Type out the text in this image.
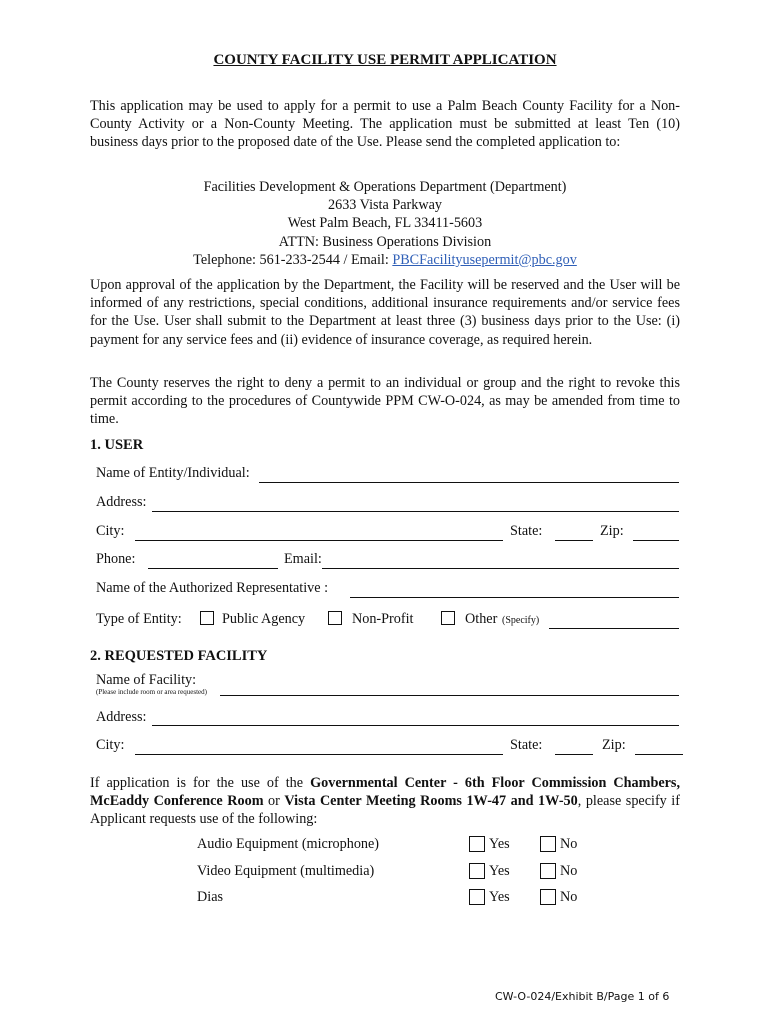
COUNTY FACILITY USE PERMIT APPLICATION
This application may be used to apply for a permit to use a Palm Beach County Facility for a Non-County Activity or a Non-County Meeting. The application must be submitted at least Ten (10) business days prior to the proposed date of the Use. Please send the completed application to:
Facilities Development & Operations Department (Department)
2633 Vista Parkway
West Palm Beach, FL 33411-5603
ATTN: Business Operations Division
Telephone: 561-233-2544 / Email: PBCFacilityusepermit@pbc.gov
Upon approval of the application by the Department, the Facility will be reserved and the User will be informed of any restrictions, special conditions, additional insurance requirements and/or service fees for the Use. User shall submit to the Department at least three (3) business days prior to the Use: (i) payment for any service fees and (ii) evidence of insurance coverage, as required herein.
The County reserves the right to deny a permit to an individual or group and the right to revoke this permit according to the procedures of Countywide PPM CW-O-024, as may be amended from time to time.
1. USER
Name of Entity/Individual:
Address:
City:	State:	Zip:
Phone:	Email:
Name of the Authorized Representative :
Type of Entity:	Public Agency	Non-Profit	Other (Specify)
2. REQUESTED FACILITY
Name of Facility:
(Please include room or area requested)
Address:
City:	State:	Zip:
If application is for the use of the Governmental Center - 6th Floor Commission Chambers, McEaddy Conference Room or Vista Center Meeting Rooms 1W-47 and 1W-50, please specify if Applicant requests use of the following:
Audio Equipment (microphone)	Yes	No
Video Equipment (multimedia)	Yes	No
Dias	Yes	No
CW-O-024/Exhibit B/Page 1 of 6
